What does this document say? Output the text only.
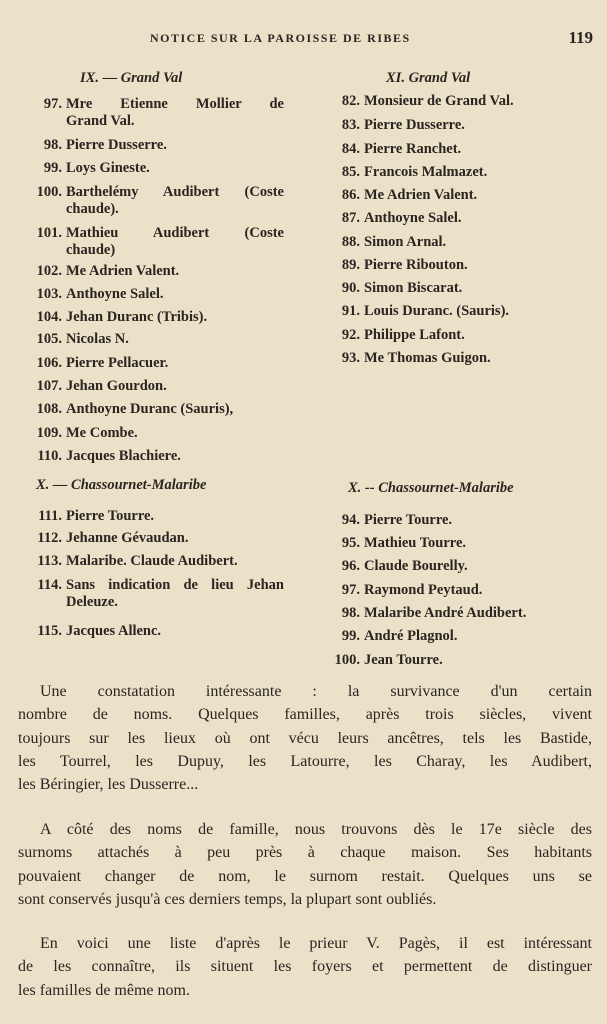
NOTICE SUR LA PAROISSE DE RIBES	119
IX. — Grand Val
97. Mre Etienne Mollier de
Grand Val.
98. Pierre Dusserre.
99. Loys Gineste.
100. Barthelémy Audibert (Coste
chaude).
101. Mathieu Audibert (Coste
chaude)
102. Me Adrien Valent.
103. Anthoyne Salel.
104. Jehan Duranc (Tribis).
105. Nicolas N.
106. Pierre Pellacuer.
107. Jehan Gourdon.
108. Anthoyne Duranc (Sauris),
109. Me Combe.
110. Jacques Blachiere.
X. — Chassournet-Malaribe
111. Pierre Tourre.
112. Jehanne Gévaudan.
113. Malaribe. Claude Audibert.
114. Sans indication de lieu Jehan
Deleuze.
115. Jacques Allenc.
XI. Grand Val
82. Monsieur de Grand Val.
83. Pierre Dusserre.
84. Pierre Ranchet.
85. Francois Malmazet.
86. Me Adrien Valent.
87. Anthoyne Salel.
88. Simon Arnal.
89. Pierre Ribouton.
90. Simon Biscarat.
91. Louis Duranc. (Sauris).
92. Philippe Lafont.
93. Me Thomas Guigon.
X. -- Chassournet-Malaribe
94. Pierre Tourre.
95. Mathieu Tourre.
96. Claude Bourelly.
97. Raymond Peytaud.
98. Malaribe André Audibert.
99. André Plagnol.
100. Jean Tourre.
Une constatation intéressante : la survivance d'un certain
nombre de noms. Quelques familles, après trois siècles, vivent
toujours sur les lieux où ont vécu leurs ancêtres, tels les Bastide,
les Tourrel, les Dupuy, les Latourre, les Charay, les Audibert,
les Béringier, les Dusserre...
A côté des noms de famille, nous trouvons dès le 17e siècle des
surnoms attachés à peu près à chaque maison. Ses habitants
pouvaient changer de nom, le surnom restait. Quelques uns se
sont conservés jusqu'à ces derniers temps, la plupart sont oubliés.
En voici une liste d'après le prieur V. Pagès, il est intéressant
de les connaître, ils situent les foyers et permettent de distinguer
les familles de même nom.
